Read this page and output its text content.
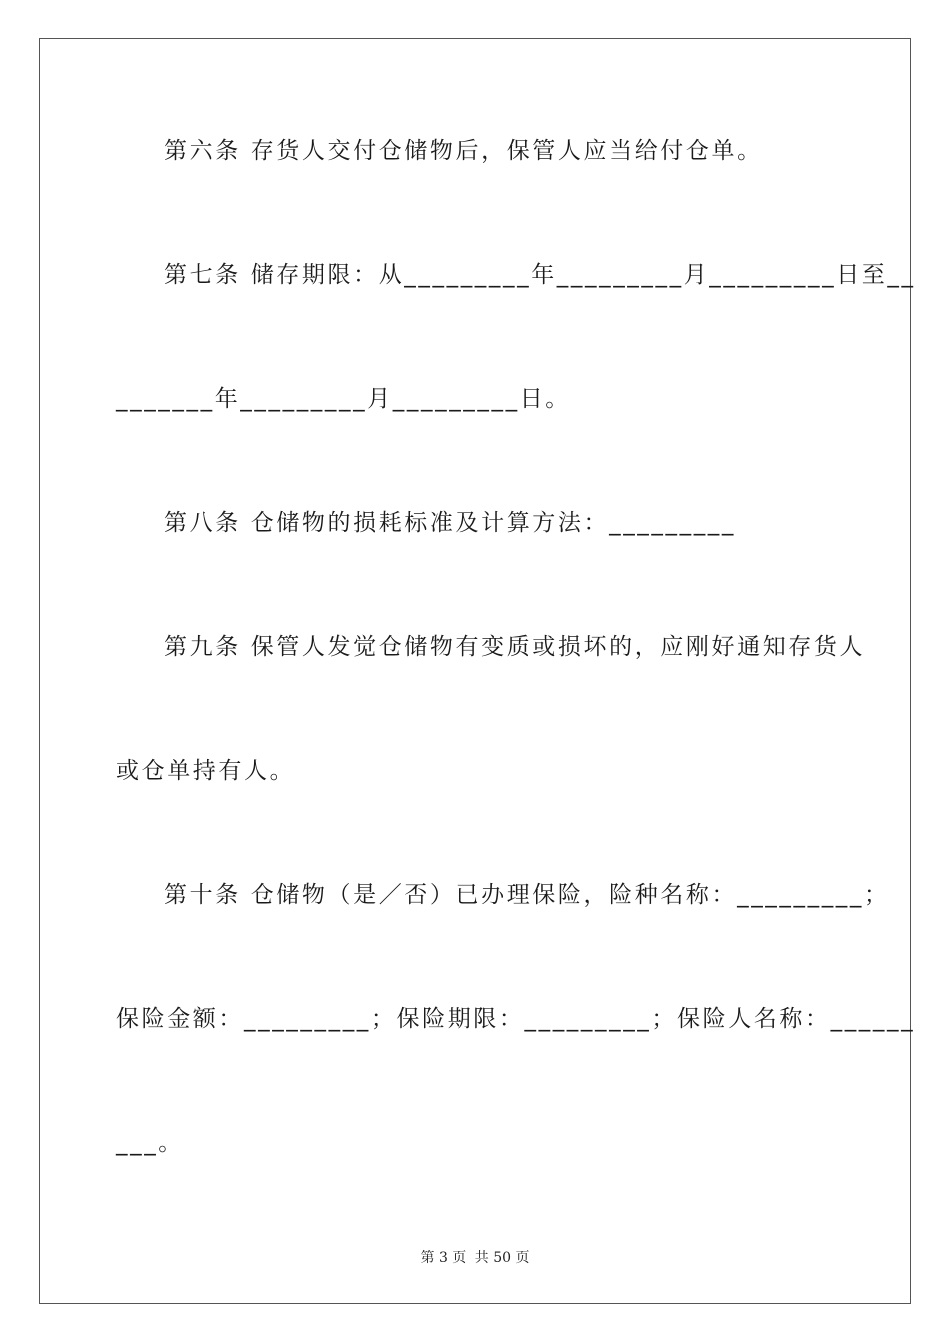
第六条 存货人交付仓储物后，保管人应当给付仓单。
第七条 储存期限：从_________年_________月_________日至__
_______年_________月_________日。
第八条 仓储物的损耗标准及计算方法：_________
第九条 保管人发觉仓储物有变质或损坏的，应刚好通知存货人
或仓单持有人。
第十条 仓储物（是／否）已办理保险，险种名称：_________；
保险金额：_________；保险期限：_________；保险人名称：______
___。
第 3 页 共 50 页
